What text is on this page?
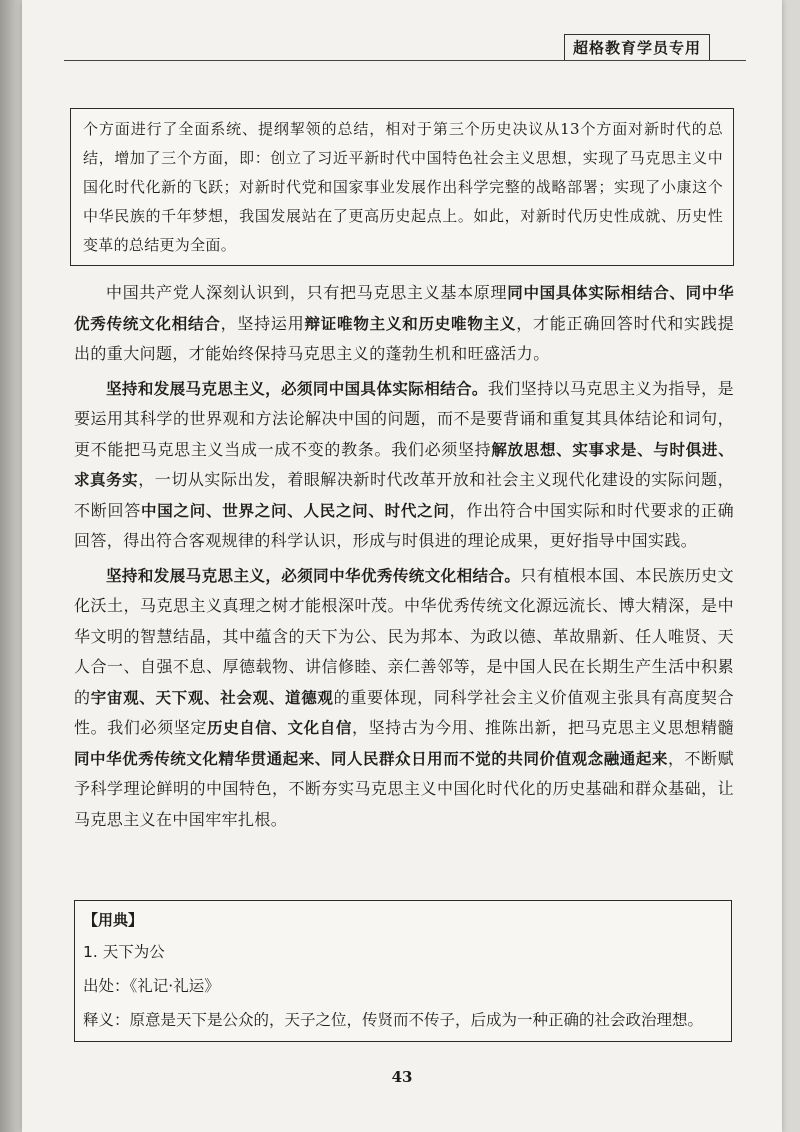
超格教育学员专用

个方面进行了全面系统、提纲挈领的总结，相对于第三个历史决议从13个方面对新时代的总结，增加了三个方面，即：创立了习近平新时代中国特色社会主义思想，实现了马克思主义中国化时代化新的飞跃；对新时代党和国家事业发展作出科学完整的战略部署；实现了小康这个中华民族的千年梦想，我国发展站在了更高历史起点上。如此，对新时代历史性成就、历史性变革的总结更为全面。

中国共产党人深刻认识到，只有把马克思主义基本原理同中国具体实际相结合、同中华优秀传统文化相结合，坚持运用辩证唯物主义和历史唯物主义，才能正确回答时代和实践提出的重大问题，才能始终保持马克思主义的蓬勃生机和旺盛活力。

坚持和发展马克思主义，必须同中国具体实际相结合。我们坚持以马克思主义为指导，是要运用其科学的世界观和方法论解决中国的问题，而不是要背诵和重复其具体结论和词句，更不能把马克思主义当成一成不变的教条。我们必须坚持解放思想、实事求是、与时俱进、求真务实，一切从实际出发，着眼解决新时代改革开放和社会主义现代化建设的实际问题，不断回答中国之问、世界之问、人民之问、时代之问，作出符合中国实际和时代要求的正确回答，得出符合客观规律的科学认识，形成与时俱进的理论成果，更好指导中国实践。

坚持和发展马克思主义，必须同中华优秀传统文化相结合。只有植根本国、本民族历史文化沃土，马克思主义真理之树才能根深叶茂。中华优秀传统文化源远流长、博大精深，是中华文明的智慧结晶，其中蕴含的天下为公、民为邦本、为政以德、革故鼎新、任人唯贤、天人合一、自强不息、厚德载物、讲信修睦、亲仁善邻等，是中国人民在长期生产生活中积累的宇宙观、天下观、社会观、道德观的重要体现，同科学社会主义价值观主张具有高度契合性。我们必须坚定历史自信、文化自信，坚持古为今用、推陈出新，把马克思主义思想精髓同中华优秀传统文化精华贯通起来、同人民群众日用而不觉的共同价值观念融通起来，不断赋予科学理论鲜明的中国特色，不断夯实马克思主义中国化时代化的历史基础和群众基础，让马克思主义在中国牢牢扎根。

【用典】
1. 天下为公
出处：《礼记·礼运》
释义：原意是天下是公众的，天子之位，传贤而不传子，后成为一种正确的社会政治理想。
43
